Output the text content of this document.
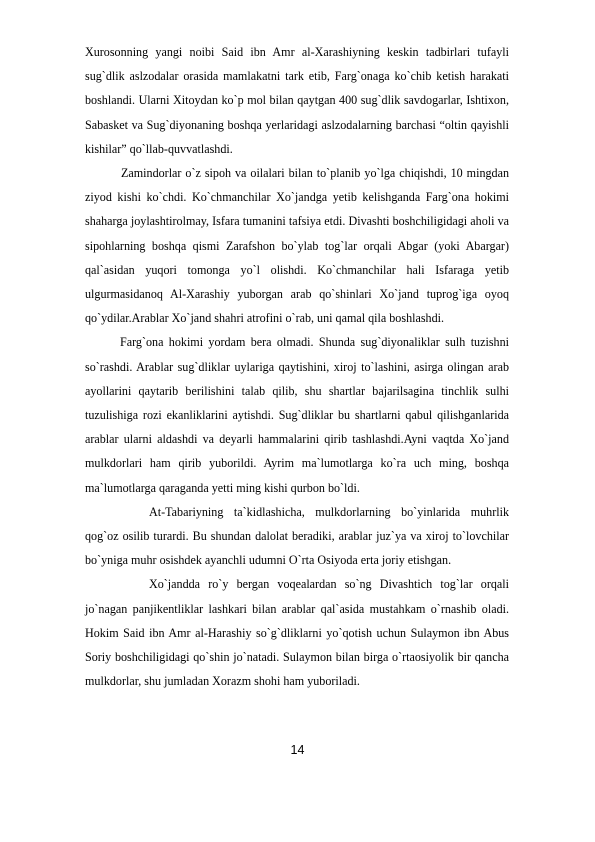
Xurosonning yangi noibi Said ibn Amr al-Xarashiyning keskin tadbirlari tufayli sug`dlik aslzodalar orasida mamlakatni tark etib, Farg`onaga ko`chib ketish harakati boshlandi. Ularni Xitoydan ko`p mol bilan qaytgan 400 sug`dlik savdogarlar, Ishtixon, Sabasket va Sug`diyonaning boshqa yerlaridagi aslzodalarning barchasi “oltin qayishli kishilar” qo`llab-quvvatlashdi.

Zamindorlar o`z sipoh va oilalari bilan to`planib yo`lga chiqishdi, 10 mingdan ziyod kishi ko`chdi. Ko`chmanchilar Xo`jandga yetib kelishganda Farg`ona hokimi shaharga joylashtirolmay, Isfara tumanini tafsiya etdi. Divashti boshchiligidagi aholi va sipohlarning boshqa qismi Zarafshon bo`ylab tog`lar orqali Abgar (yoki Abargar) qal`asidan yuqori tomonga yo`l olishdi. Ko`chmanchilar hali Isfaraga yetib ulgurmasidanoq Al-Xarashiy yuborgan arab qo`shinlari Xo`jand tuprog`iga oyoq qo`ydilar.Arablar Xo`jand shahri atrofini o`rab, uni qamal qila boshlashdi.

Farg`ona hokimi yordam bera olmadi. Shunda sug`diyonaliklar sulh tuzishni so`rashdi. Arablar sug`dliklar uylariga qaytishini, xiroj to`lashini, asirga olingan arab ayollarini qaytarib berilishini talab qilib, shu shartlar bajarilsagina tinchlik sulhi tuzulishiga rozi ekanliklarini aytishdi. Sug`dliklar bu shartlarni qabul qilishganlarida arablar ularni aldashdi va deyarli hammalarini qirib tashlashdi.Ayni vaqtda Xo`jand mulkdorlari ham qirib yuborildi. Ayrim ma`lumotlarga ko`ra uch ming, boshqa ma`lumotlarga qaraganda yetti ming kishi qurbon bo`ldi.

At-Tabariyning ta`kidlashicha, mulkdorlarning bo`yinlarida muhrlik qog`oz osilib turardi. Bu shundan dalolat beradiki, arablar juz`ya va xiroj to`lovchilar bo`yniga muhr osishdek ayanchli udumni O`rta Osiyoda erta joriy etishgan.

Xo`jandda ro`y bergan voqealardan so`ng Divashtich tog`lar orqali jo`nagan panjikentliklar lashkari bilan arablar qal`asida mustahkam o`rnashib oladi. Hokim Said ibn Amr al-Harashiy so`g`dliklarni yo`qotish uchun Sulaymon ibn Abus Soriy boshchiligidagi qo`shin jo`natadi. Sulaymon bilan birga o`rtaosiyolik bir qancha mulkdorlar, shu jumladan Xorazm shohi ham yuboriladi.

14
